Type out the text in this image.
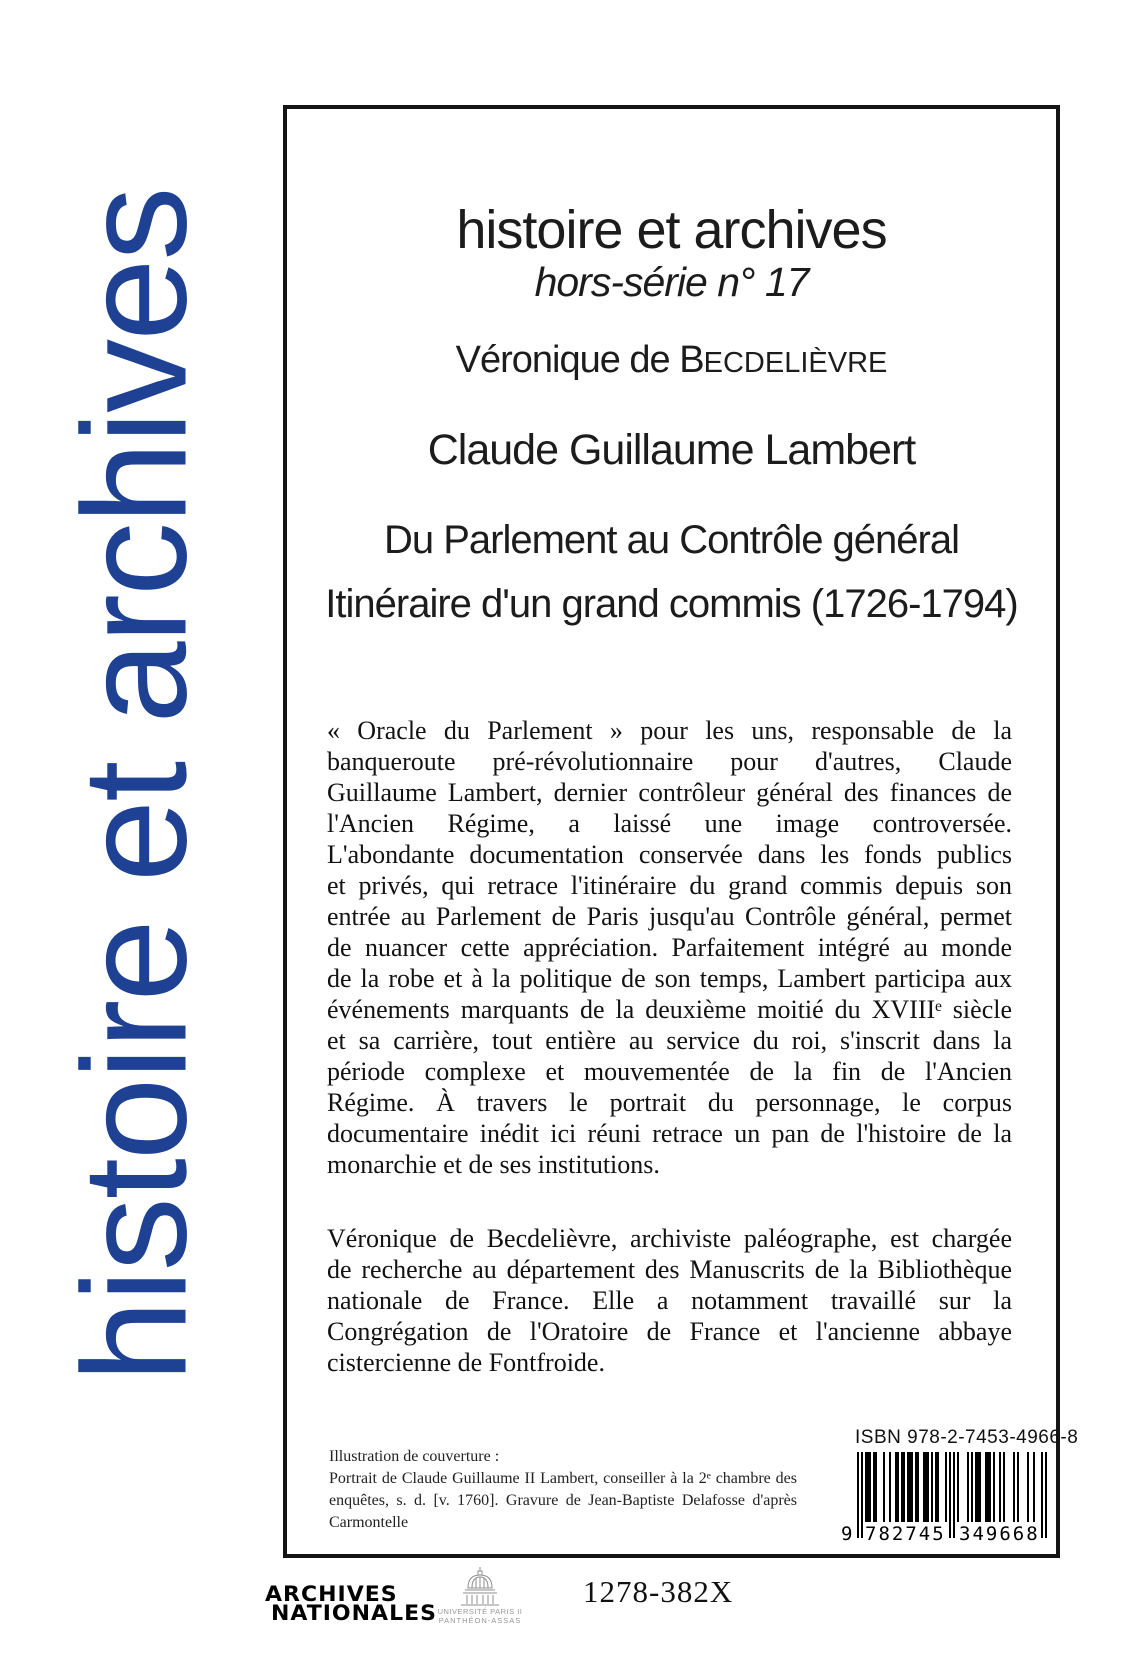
histoire et archives	histoire et archives
hors-série n° 17
Véronique de BECDELIÈVRE
Claude Guillaume Lambert
Du Parlement au Contrôle général
Itinéraire d'un grand commis (1726-1794)
« Oracle du Parlement » pour les uns, responsable de la
banqueroute pré-révolutionnaire pour d'autres, Claude
Guillaume Lambert, dernier contrôleur général des finances de
l'Ancien Régime, a laissé une image controversée.
L'abondante documentation conservée dans les fonds publics
et privés, qui retrace l'itinéraire du grand commis depuis son
entrée au Parlement de Paris jusqu'au Contrôle général, permet
de nuancer cette appréciation. Parfaitement intégré au monde
de la robe et à la politique de son temps, Lambert participa aux
événements marquants de la deuxième moitié du XVIIIᵉ siècle
et sa carrière, tout entière au service du roi, s'inscrit dans la
période complexe et mouvementée de la fin de l'Ancien
Régime. À travers le portrait du personnage, le corpus
documentaire inédit ici réuni retrace un pan de l'histoire de la
monarchie et de ses institutions.
Véronique de Becdelièvre, archiviste paléographe, est chargée
de recherche au département des Manuscrits de la Bibliothèque
nationale de France. Elle a notamment travaillé sur la
Congrégation de l'Oratoire de France et l'ancienne abbaye
cistercienne de Fontfroide.
Illustration de couverture :
Portrait de Claude Guillaume II Lambert, conseiller à la 2ᵉ chambre des
enquêtes, s. d. [v. 1760]. Gravure de Jean-Baptiste Delafosse d'après
Carmontelle
ISBN 978-2-7453-4966-8
9 782745 349668
ARCHIVES
NATIONALES UNIVERSITÉ PARIS II
PANTHÉON-ASSAS
1278-382X
